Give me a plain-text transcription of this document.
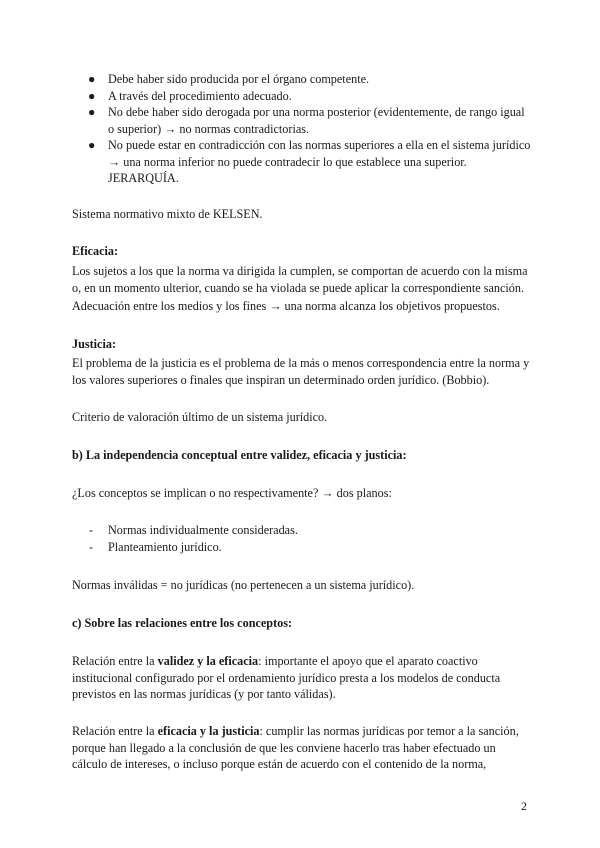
● Debe haber sido producida por el órgano competente.
● A través del procedimiento adecuado.
● No debe haber sido derogada por una norma posterior (evidentemente, de rango igual o superior) → no normas contradictorias.
● No puede estar en contradicción con las normas superiores a ella en el sistema jurídico → una norma inferior no puede contradecir lo que establece una superior. JERARQUÍA.

Sistema normativo mixto de KELSEN.

Eficacia:

Los sujetos a los que la norma va dirigida la cumplen, se comportan de acuerdo con la misma o, en un momento ulterior, cuando se ha violada se puede aplicar la correspondiente sanción.

Adecuación entre los medios y los fines → una norma alcanza los objetivos propuestos.

Justicia:

El problema de la justicia es el problema de la más o menos correspondencia entre la norma y los valores superiores o finales que inspiran un determinado orden jurídico. (Bobbio).

Criterio de valoración último de un sistema jurídico.

b) La independencia conceptual entre validez, eficacia y justicia:

¿Los conceptos se implican o no respectivamente? → dos planos:

- Normas individualmente consideradas.
- Planteamiento jurídico.

Normas inválidas = no jurídicas (no pertenecen a un sistema jurídico).

c) Sobre las relaciones entre los conceptos:

Relación entre la validez y la eficacia: importante el apoyo que el aparato coactivo institucional configurado por el ordenamiento jurídico presta a los modelos de conducta previstos en las normas jurídicas (y por tanto válidas).

Relación entre la eficacia y la justicia: cumplir las normas jurídicas por temor a la sanción, porque han llegado a la conclusión de que les conviene hacerlo tras haber efectuado un cálculo de intereses, o incluso porque están de acuerdo con el contenido de la norma,

2
